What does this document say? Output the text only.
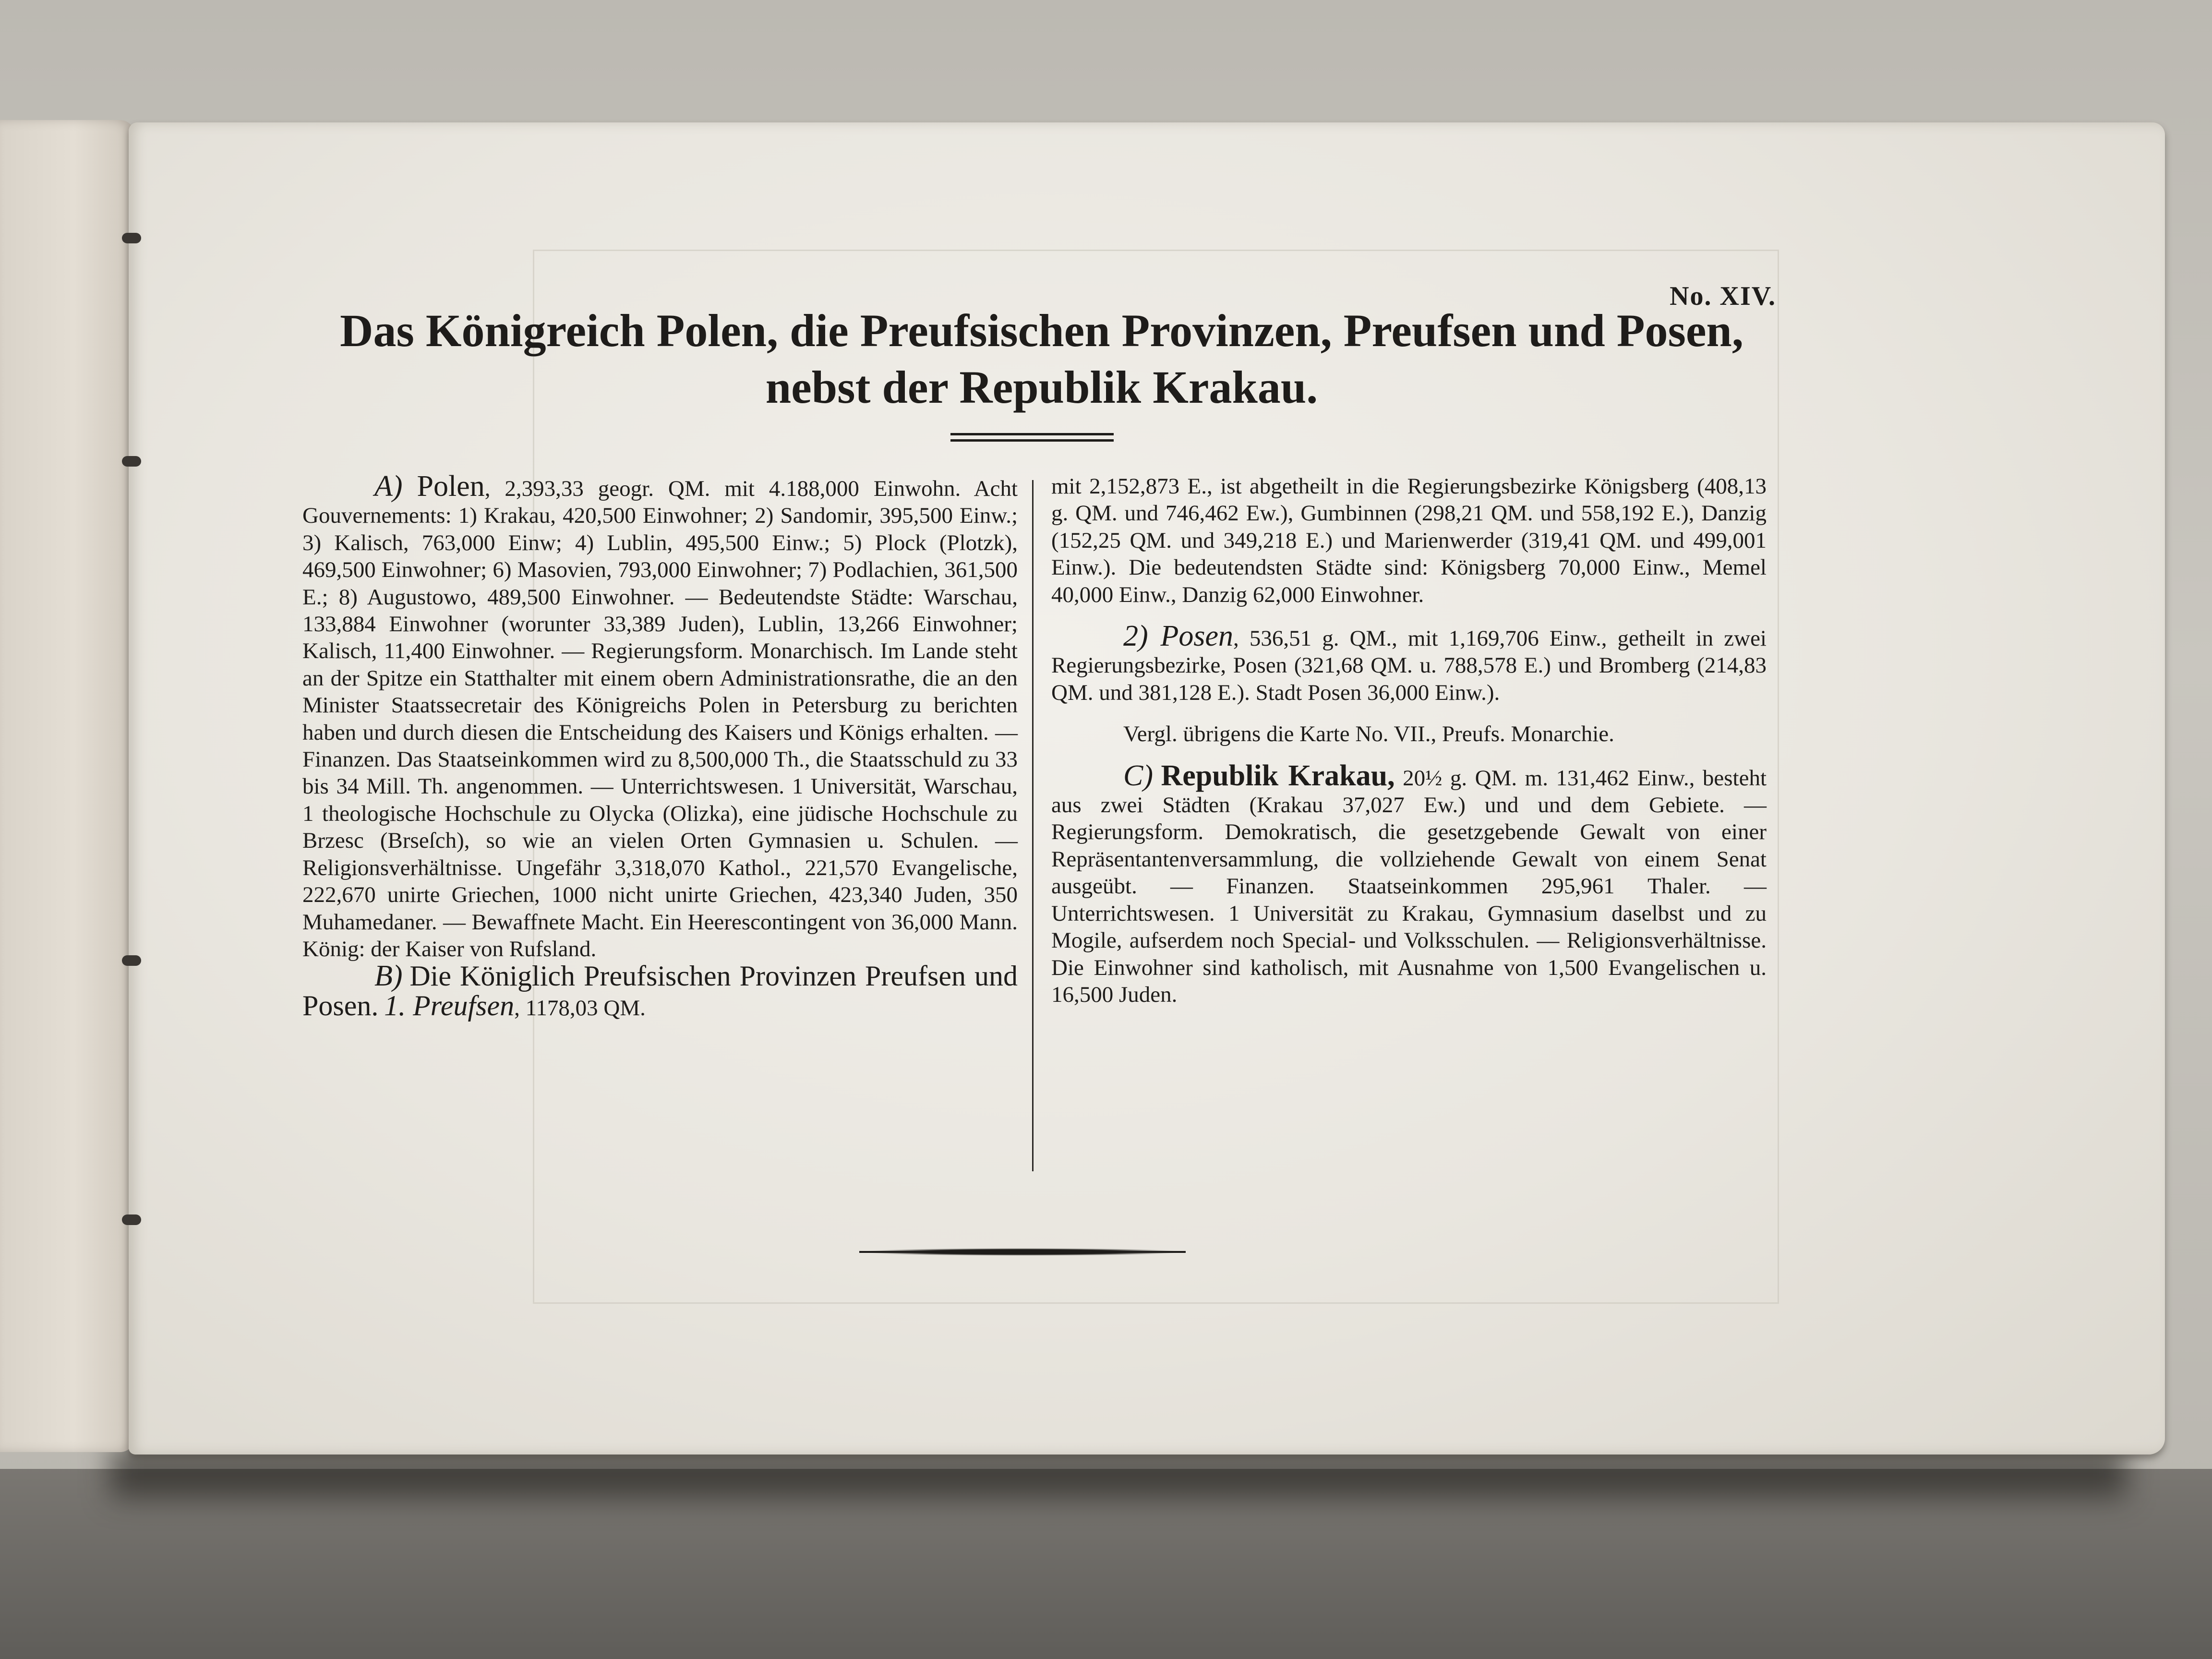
No. XIV.
Das Königreich Polen, die Preufsischen Provinzen, Preufsen und Posen, nebst der Republik Krakau.

A) Polen, 2,393,33 geogr. QM. mit 4.188,000 Einwohn. Acht Gouvernements: 1) Krakau, 420,500 Einwohner; 2) Sandomir, 395,500 Einw.; 3) Kalisch, 763,000 Einw; 4) Lublin, 495,500 Einw.; 5) Plock (Plotzk), 469,500 Einwohner; 6) Masovien, 793,000 Einwohner; 7) Podlachien, 361,500 E.; 8) Augustowo, 489,500 Einwohner. — Bedeutendste Städte: Warschau, 133,884 Einwohner (worunter 33,389 Juden), Lublin, 13,266 Einwohner; Kalisch, 11,400 Einwohner. — Regierungsform. Monarchisch. Im Lande steht an der Spitze ein Statthalter mit einem obern Administrationsrathe, die an den Minister Staatssecretair des Königreichs Polen in Petersburg zu berichten haben und durch diesen die Entscheidung des Kaisers und Königs erhalten. — Finanzen. Das Staatseinkommen wird zu 8,500,000 Th., die Staatsschuld zu 33 bis 34 Mill. Th. angenommen. — Unterrichtswesen. 1 Universität, Warschau, 1 theologische Hochschule zu Olycka (Olizka), eine jüdische Hochschule zu Brzesc (Brseſch), so wie an vielen Orten Gymnasien u. Schulen. — Religionsverhältnisse. Ungefähr 3,318,070 Kathol., 221,570 Evangelische, 222,670 unirte Griechen, 1000 nicht unirte Griechen, 423,340 Juden, 350 Muhamedaner. — Bewaffnete Macht. Ein Heerescontingent von 36,000 Mann. König: der Kaiser von Rufsland.

B) Die Königlich Preufsischen Provinzen Preufsen und Posen. 1. Preufsen, 1178,03 QM.

mit 2,152,873 E., ist abgetheilt in die Regierungsbezirke Königsberg (408,13 g. QM. und 746,462 Ew.), Gumbinnen (298,21 QM. und 558,192 E.), Danzig (152,25 QM. und 349,218 E.) und Marienwerder (319,41 QM. und 499,001 Einw.). Die bedeutendsten Städte sind: Königsberg 70,000 Einw., Memel 40,000 Einw., Danzig 62,000 Einwohner.

2) Posen, 536,51 g. QM., mit 1,169,706 Einw., getheilt in zwei Regierungsbezirke, Posen (321,68 QM. u. 788,578 E.) und Bromberg (214,83 QM. und 381,128 E.). Stadt Posen 36,000 Einw.).

Vergl. übrigens die Karte No. VII., Preufs. Monarchie.

C) Republik Krakau, 20½ g. QM. m. 131,462 Einw., besteht aus zwei Städten (Krakau 37,027 Ew.) und und dem Gebiete. — Regierungsform. Demokratisch, die gesetzgebende Gewalt von einer Repräsentantenversammlung, die vollziehende Gewalt von einem Senat ausgeübt. — Finanzen. Staatseinkommen 295,961 Thaler. — Unterrichtswesen. 1 Universität zu Krakau, Gymnasium daselbst und zu Mogile, aufserdem noch Special- und Volksschulen. — Religionsverhältnisse. Die Einwohner sind katholisch, mit Ausnahme von 1,500 Evangelischen u. 16,500 Juden.
